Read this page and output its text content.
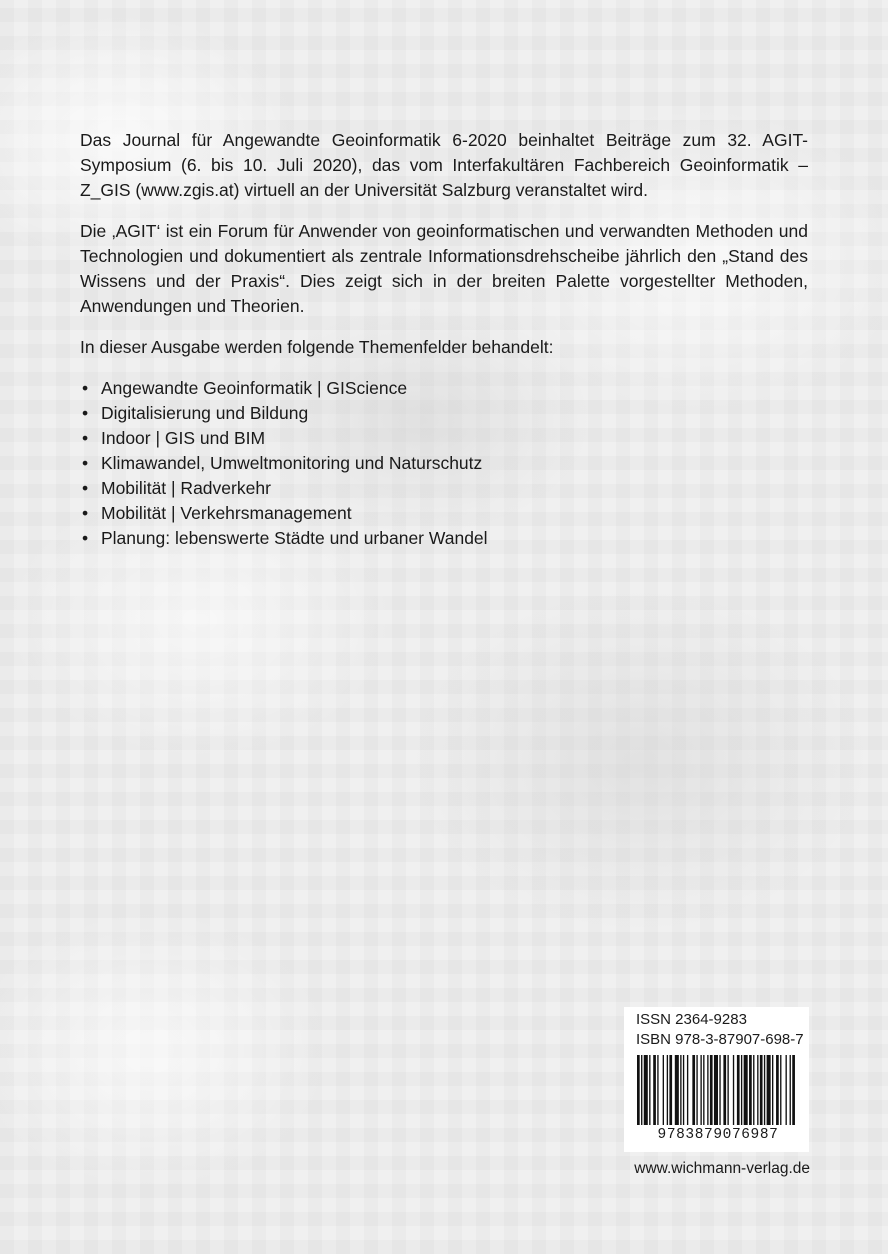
Das Journal für Angewandte Geoinformatik 6-2020 beinhaltet Beiträge zum 32. AGIT-Symposium (6. bis 10. Juli 2020), das vom Interfakultären Fachbereich Geoinformatik – Z_GIS (www.zgis.at) virtuell an der Universität Salzburg veranstaltet wird.

Die ‚AGIT‘ ist ein Forum für Anwender von geoinformatischen und verwandten Methoden und Technologien und dokumentiert als zentrale Informationsdrehscheibe jährlich den „Stand des Wissens und der Praxis“. Dies zeigt sich in der breiten Palette vorgestellter Methoden, Anwendungen und Theorien.

In dieser Ausgabe werden folgende Themenfelder behandelt:

• Angewandte Geoinformatik | GIScience
• Digitalisierung und Bildung
• Indoor | GIS und BIM
• Klimawandel, Umweltmonitoring und Naturschutz
• Mobilität | Radverkehr
• Mobilität | Verkehrsmanagement
• Planung: lebenswerte Städte und urbaner Wandel
ISSN 2364-9283
ISBN 978-3-87907-698-7
9783879076987
www.wichmann-verlag.de
